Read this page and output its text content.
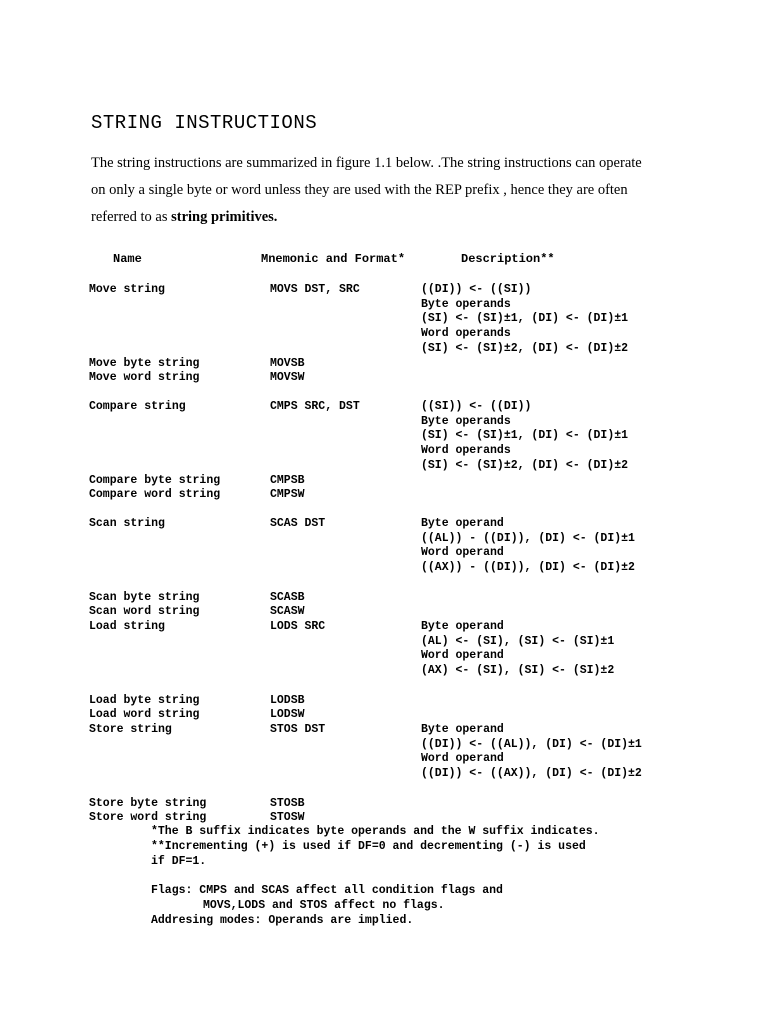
STRING INSTRUCTIONS
The string instructions are summarized in figure 1.1 below. .The string instructions can operate
on only a single byte or word unless they are used with the REP prefix , hence they are often
referred to as string primitives.
Name	Mnemonic and Format*	Description**
Move string	MOVS DST, SRC	((DI)) <- ((SI))
Byte operands
(SI) <- (SI)±1, (DI) <- (DI)±1
Word operands
(SI) <- (SI)±2, (DI) <- (DI)±2
Move byte string	MOVSB
Move word string	MOVSW
Compare string	CMPS SRC, DST	((SI)) <- ((DI))
Byte operands
(SI) <- (SI)±1, (DI) <- (DI)±1
Word operands
(SI) <- (SI)±2, (DI) <- (DI)±2
Compare byte string	CMPSB
Compare word string	CMPSW
Scan string	SCAS DST	Byte operand
((AL)) - ((DI)), (DI) <- (DI)±1
Word operand
((AX)) - ((DI)), (DI) <- (DI)±2
Scan byte string	SCASB
Scan word string	SCASW
Load string	LODS SRC	Byte operand
(AL) <- (SI), (SI) <- (SI)±1
Word operand
(AX) <- (SI), (SI) <- (SI)±2
Load byte string	LODSB
Load word string	LODSW
Store string	STOS DST	Byte operand
((DI)) <- ((AL)), (DI) <- (DI)±1
Word operand
((DI)) <- ((AX)), (DI) <- (DI)±2
Store byte string	STOSB
Store word string	STOSW
*The B suffix indicates byte operands and the W suffix indicates.
**Incrementing (+) is used if DF=0 and decrementing (-) is used
if DF=1.
Flags: CMPS and SCAS affect all condition flags and
MOVS,LODS and STOS affect no flags.
Addresing modes: Operands are implied.
